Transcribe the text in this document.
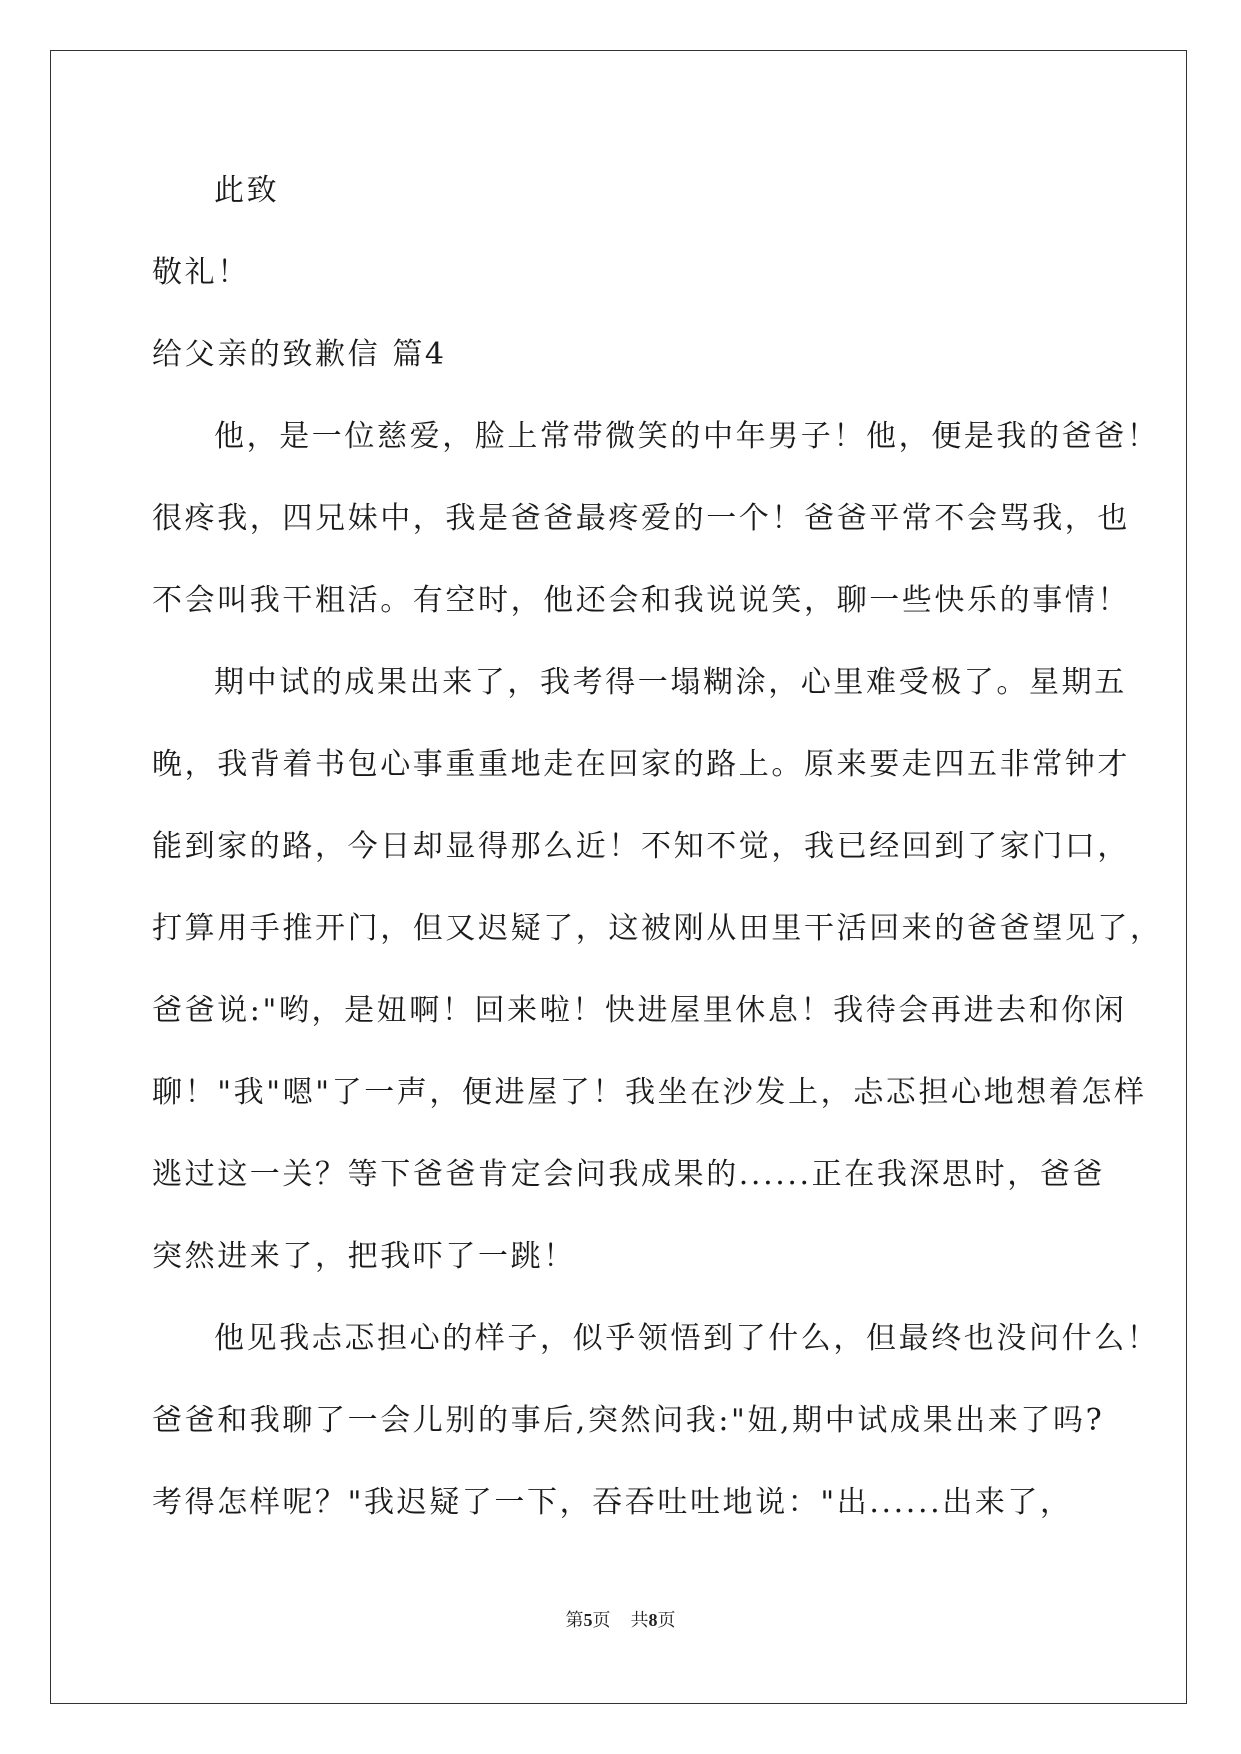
此致
敬礼！
给父亲的致歉信 篇4
他，是一位慈爱，脸上常带微笑的中年男子！他，便是我的爸爸！
很疼我，四兄妹中，我是爸爸最疼爱的一个！爸爸平常不会骂我，也
不会叫我干粗活。有空时，他还会和我说说笑，聊一些快乐的事情！
期中试的成果出来了，我考得一塌糊涂，心里难受极了。星期五
晚，我背着书包心事重重地走在回家的路上。原来要走四五非常钟才
能到家的路，今日却显得那么近！不知不觉，我已经回到了家门口，
打算用手推开门，但又迟疑了，这被刚从田里干活回来的爸爸望见了，
爸爸说:"哟，是妞啊！回来啦！快进屋里休息！我待会再进去和你闲
聊！"我"嗯"了一声，便进屋了！我坐在沙发上，忐忑担心地想着怎样
逃过这一关？等下爸爸肯定会问我成果的......正在我深思时，爸爸
突然进来了，把我吓了一跳！
他见我忐忑担心的样子，似乎领悟到了什么，但最终也没问什么！
爸爸和我聊了一会儿别的事后,突然问我:"妞,期中试成果出来了吗?
考得怎样呢？"我迟疑了一下，吞吞吐吐地说："出......出来了，
第5页 共8页
